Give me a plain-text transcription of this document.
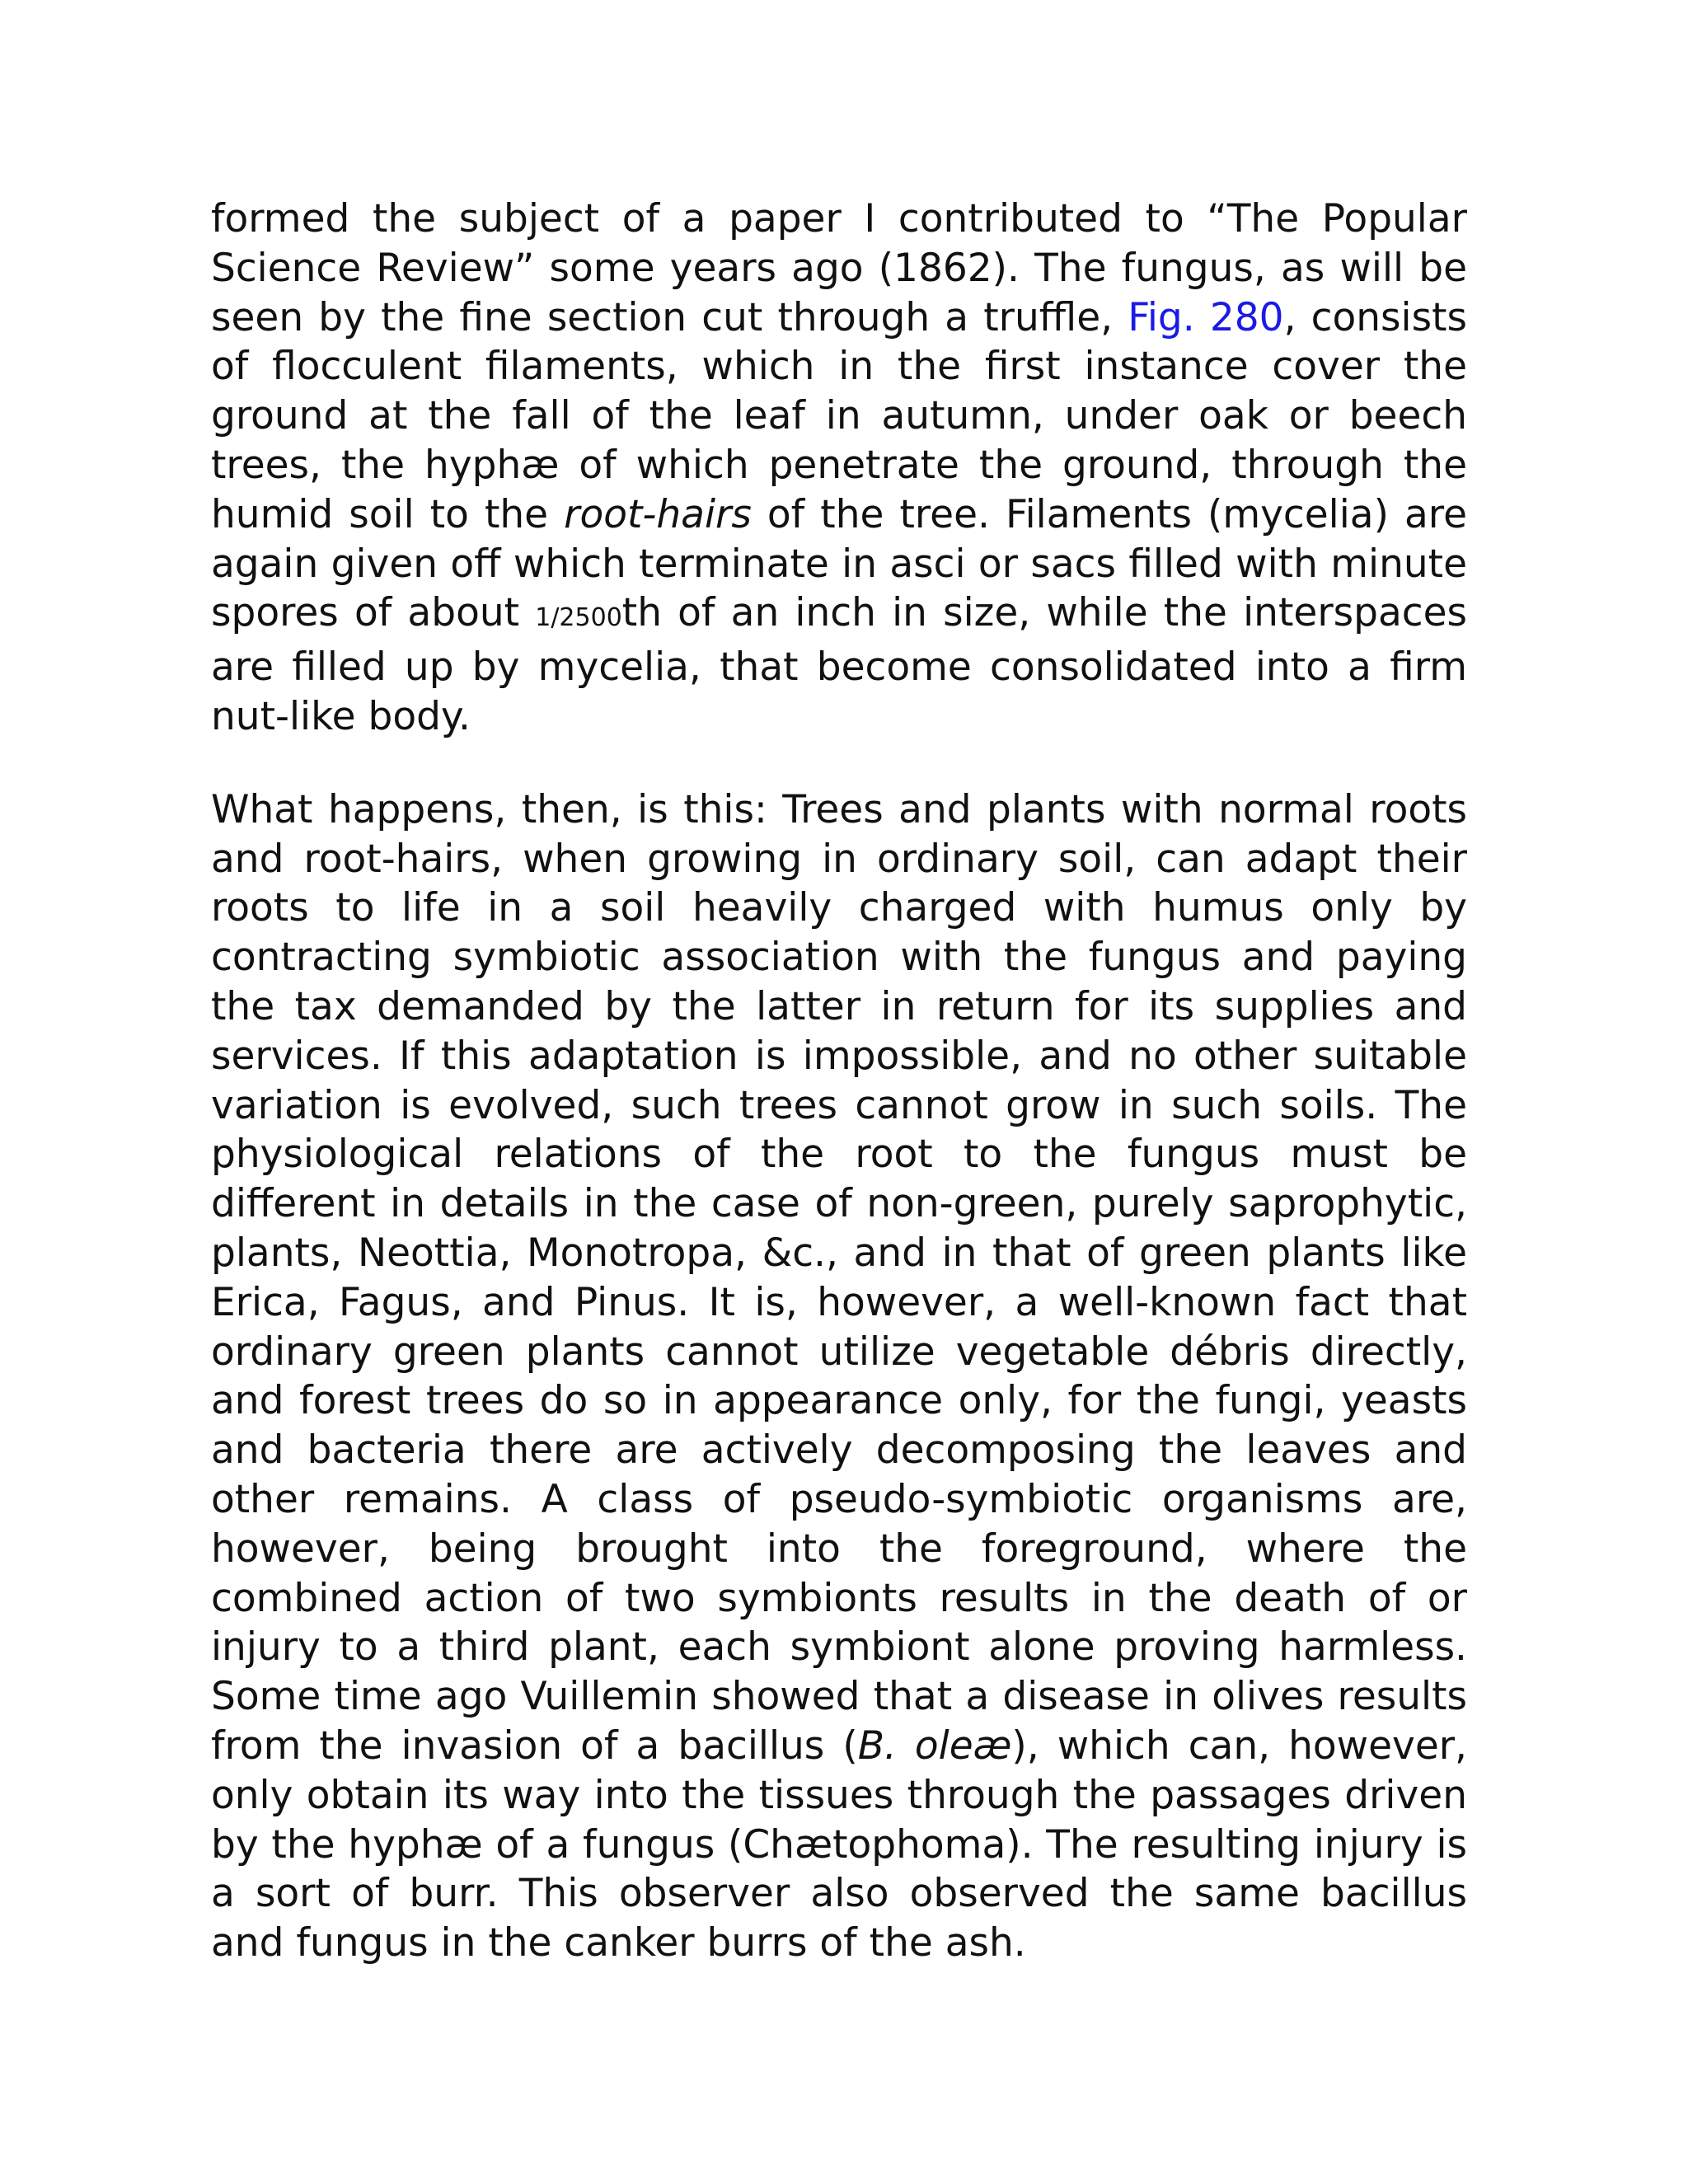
formed the subject of a paper I contributed to “The Popular Science Review” some years ago (1862). The fungus, as will be seen by the fine section cut through a truffle, Fig. 280, consists of flocculent filaments, which in the first instance cover the ground at the fall of the leaf in autumn, under oak or beech trees, the hyphæ of which penetrate the ground, through the humid soil to the root-hairs of the tree. Filaments (mycelia) are again given off which terminate in asci or sacs filled with minute spores of about 1/2500th of an inch in size, while the interspaces are filled up by mycelia, that become consolidated into a firm nut-like body.

What happens, then, is this: Trees and plants with normal roots and root-hairs, when growing in ordinary soil, can adapt their roots to life in a soil heavily charged with humus only by contracting symbiotic association with the fungus and paying the tax demanded by the latter in return for its supplies and services. If this adaptation is impossible, and no other suitable variation is evolved, such trees cannot grow in such soils. The physiological relations of the root to the fungus must be different in details in the case of non-green, purely saprophytic, plants, Neottia, Monotropa, &c., and in that of green plants like Erica, Fagus, and Pinus. It is, however, a well-known fact that ordinary green plants cannot utilize vegetable débris directly, and forest trees do so in appearance only, for the fungi, yeasts and bacteria there are actively decomposing the leaves and other remains. A class of pseudo-symbiotic organisms are, however, being brought into the foreground, where the combined action of two symbionts results in the death of or injury to a third plant, each symbiont alone proving harmless. Some time ago Vuillemin showed that a disease in olives results from the invasion of a bacillus (B. oleæ), which can, however, only obtain its way into the tissues through the passages driven by the hyphæ of a fungus (Chætophoma). The resulting injury is a sort of burr. This observer also observed the same bacillus and fungus in the canker burrs of the ash.
